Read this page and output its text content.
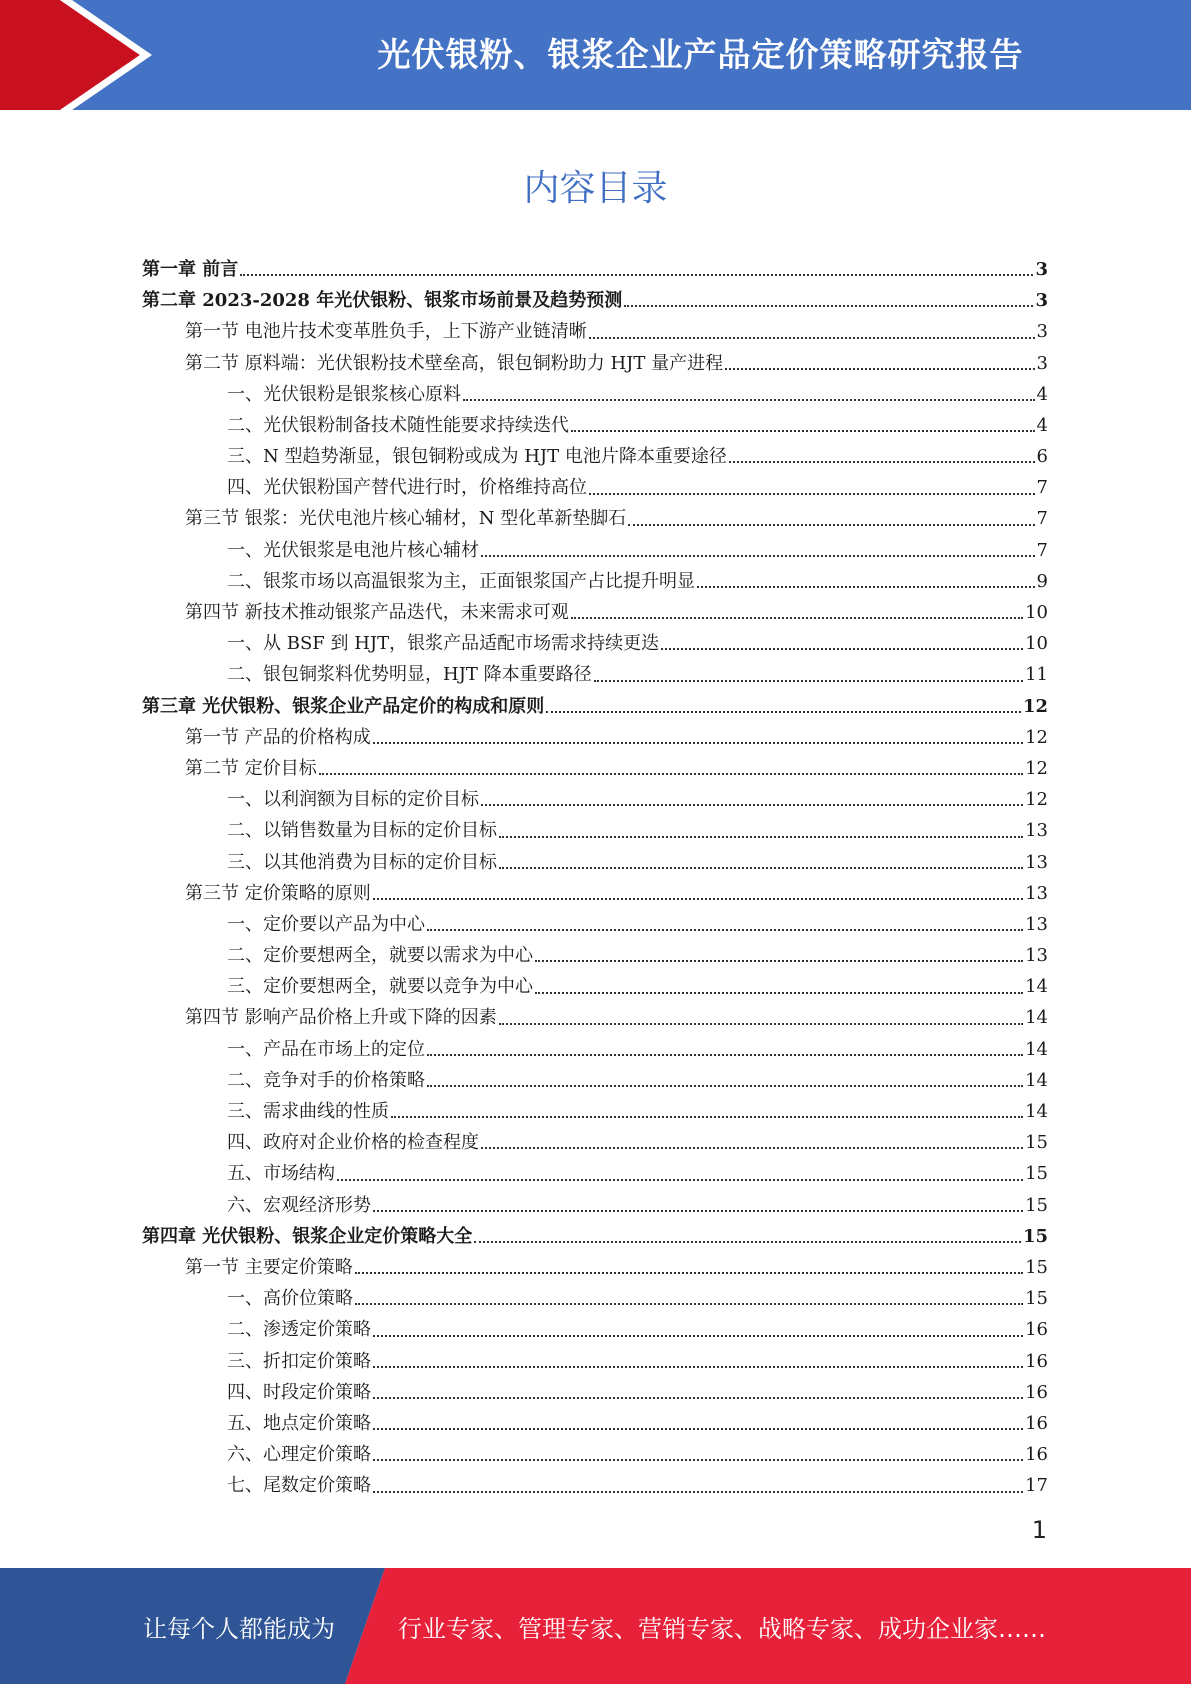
光伏银粉、银浆企业产品定价策略研究报告
内容目录
第一章 前言	3
第二章 2023-2028 年光伏银粉、银浆市场前景及趋势预测	3
第一节 电池片技术变革胜负手，上下游产业链清晰	3
第二节 原料端：光伏银粉技术壁垒高，银包铜粉助力 HJT 量产进程	3
一、光伏银粉是银浆核心原料	4
二、光伏银粉制备技术随性能要求持续迭代	4
三、N 型趋势渐显，银包铜粉或成为 HJT 电池片降本重要途径	6
四、光伏银粉国产替代进行时，价格维持高位	7
第三节 银浆：光伏电池片核心辅材，N 型化革新垫脚石	7
一、光伏银浆是电池片核心辅材	7
二、银浆市场以高温银浆为主，正面银浆国产占比提升明显	9
第四节 新技术推动银浆产品迭代，未来需求可观	10
一、从 BSF 到 HJT，银浆产品适配市场需求持续更迭	10
二、银包铜浆料优势明显，HJT 降本重要路径	11
第三章 光伏银粉、银浆企业产品定价的构成和原则	12
第一节 产品的价格构成	12
第二节 定价目标	12
一、以利润额为目标的定价目标	12
二、以销售数量为目标的定价目标	13
三、以其他消费为目标的定价目标	13
第三节 定价策略的原则	13
一、定价要以产品为中心	13
二、定价要想两全，就要以需求为中心	13
三、定价要想两全，就要以竞争为中心	14
第四节 影响产品价格上升或下降的因素	14
一、产品在市场上的定位	14
二、竞争对手的价格策略	14
三、需求曲线的性质	14
四、政府对企业价格的检查程度	15
五、市场结构	15
六、宏观经济形势	15
第四章 光伏银粉、银浆企业定价策略大全	15
第一节 主要定价策略	15
一、高价位策略	15
二、渗透定价策略	16
三、折扣定价策略	16
四、时段定价策略	16
五、地点定价策略	16
六、心理定价策略	16
七、尾数定价策略	17
1
让每个人都能成为	行业专家、管理专家、营销专家、战略专家、成功企业家……
